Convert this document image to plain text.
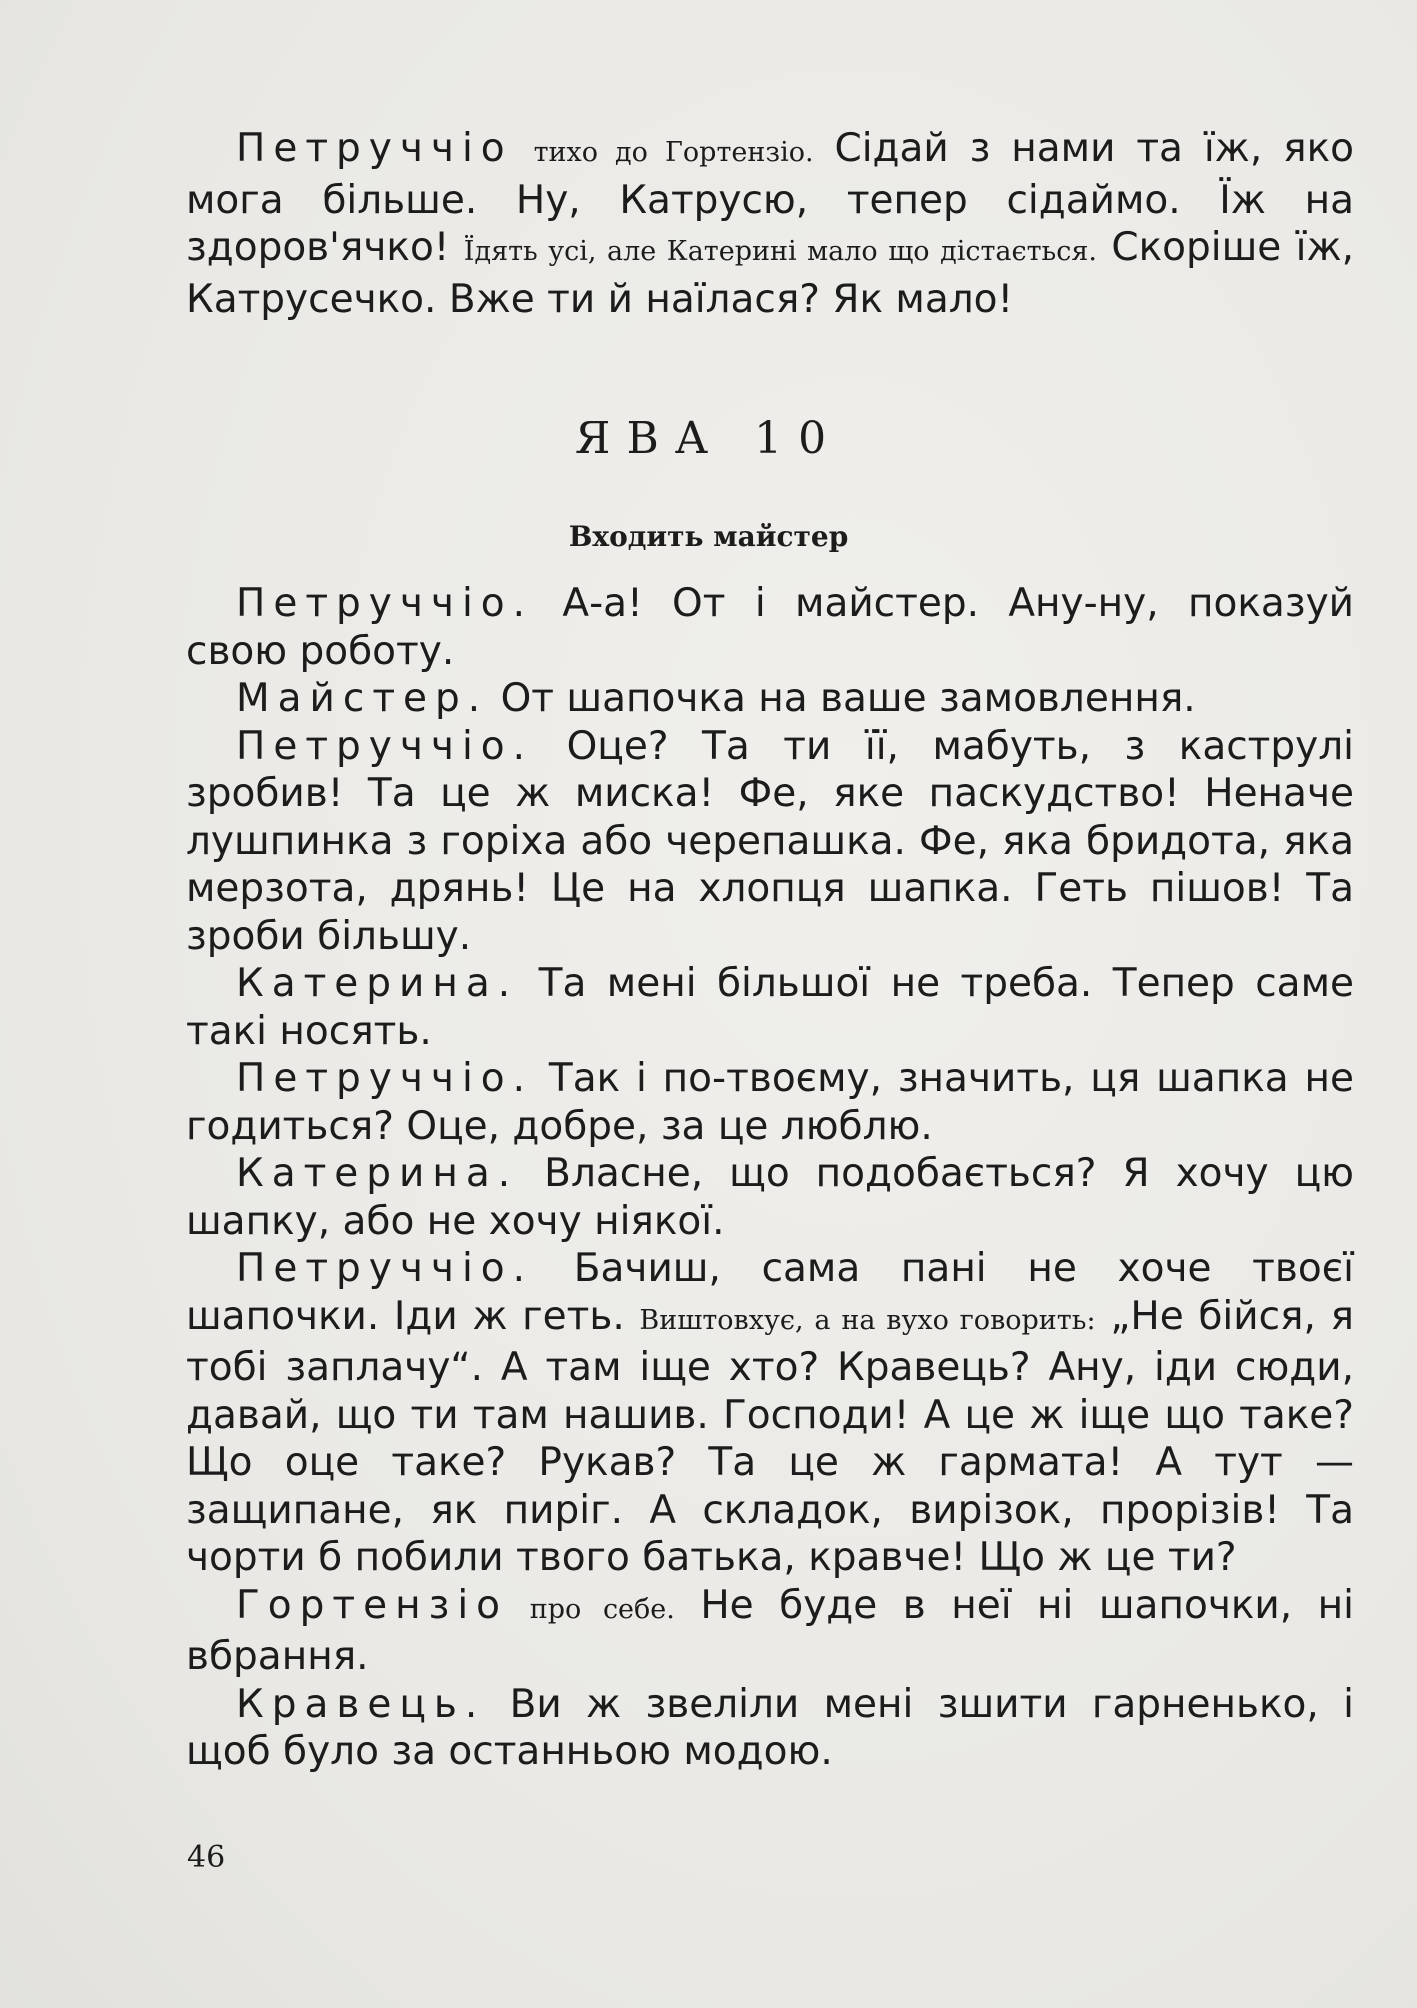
Петруччіо тихо до Гортензіо. Сідай з нами та їж, яко мога більше. Ну, Катрусю, тепер сідаймо. Їж на здоров'ячко! Їдять усі, але Катерині мало що дістається. Скоріше їж, Катрусечко. Вже ти й наїлася? Як мало!

ЯВА 10
Входить майстер

Петруччіо. А-а! От і майстер. Ану-ну, показуй свою роботу.

Майстер. От шапочка на ваше замовлення.

Петруччіо. Оце? Та ти її, мабуть, з каструлі зробив! Та це ж миска! Фе, яке паскудство! Неначе лушпинка з горіха або черепашка. Фе, яка бридота, яка мерзота, дрянь! Це на хлопця шапка. Геть пішов! Та зроби більшу.

Катерина. Та мені більшої не треба. Тепер саме такі носять.

Петруччіо. Так і по-твоєму, значить, ця шапка не годиться? Оце, добре, за це люблю.

Катерина. Власне, що подобається? Я хочу цю шапку, або не хочу ніякої.

Петруччіо. Бачиш, сама пані не хоче твоєї шапочки. Іди ж геть. Виштовхує, а на вухо говорить: „Не бійся, я тобі заплачу“. А там іще хто? Кравець? Ану, іди сюди, давай, що ти там нашив. Господи! А це ж іще що таке? Що оце таке? Рукав? Та це ж гармата! А тут — защипане, як пиріг. А складок, вирізок, прорізів! Та чорти б побили твого батька, кравче! Що ж це ти?

Гортензіо про себе. Не буде в неї ні шапочки, ні вбрання.

Кравець. Ви ж звеліли мені зшити гарненько, і щоб було за останньою модою.

46
